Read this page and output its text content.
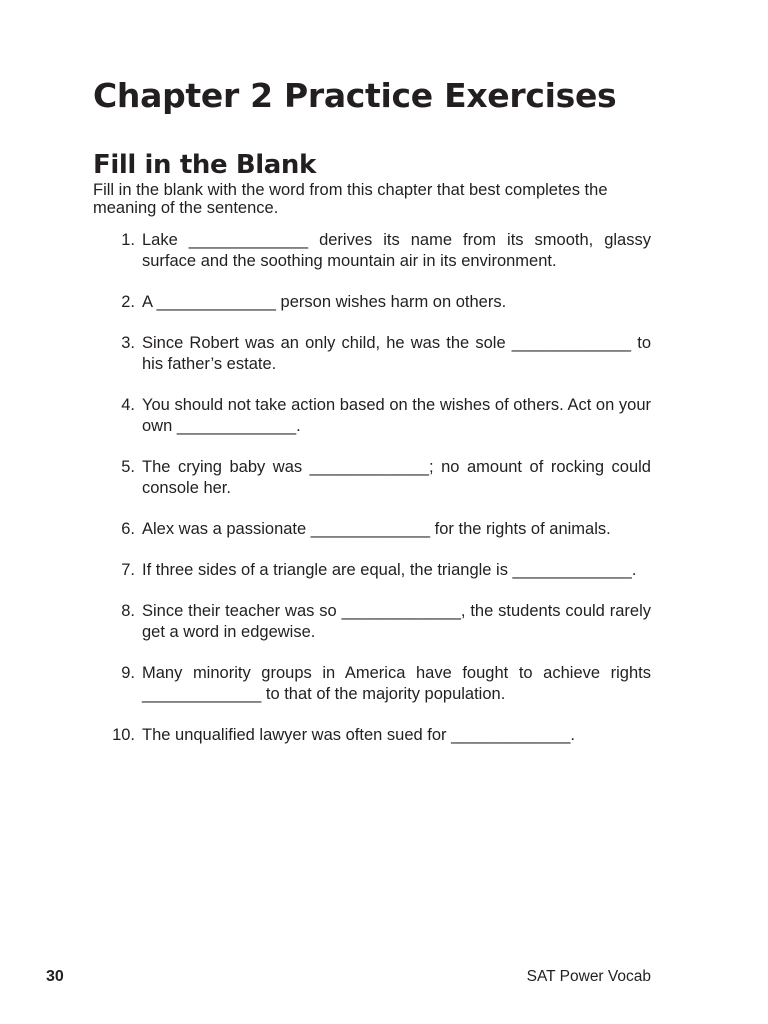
Chapter 2 Practice Exercises
Fill in the Blank

Fill in the blank with the word from this chapter that best completes the meaning of the sentence.

1. Lake _____________ derives its name from its smooth, glassy surface and the soothing mountain air in its environment.
2. A _____________ person wishes harm on others.
3. Since Robert was an only child, he was the sole _____________ to his father’s estate.
4. You should not take action based on the wishes of others. Act on your own _____________.
5. The crying baby was _____________; no amount of rocking could console her.
6. Alex was a passionate _____________ for the rights of animals.
7. If three sides of a triangle are equal, the triangle is _____________.
8. Since their teacher was so _____________, the students could rarely get a word in edgewise.
9. Many minority groups in America have fought to achieve rights _____________ to that of the majority population.
10. The unqualified lawyer was often sued for _____________.
30	SAT Power Vocab
